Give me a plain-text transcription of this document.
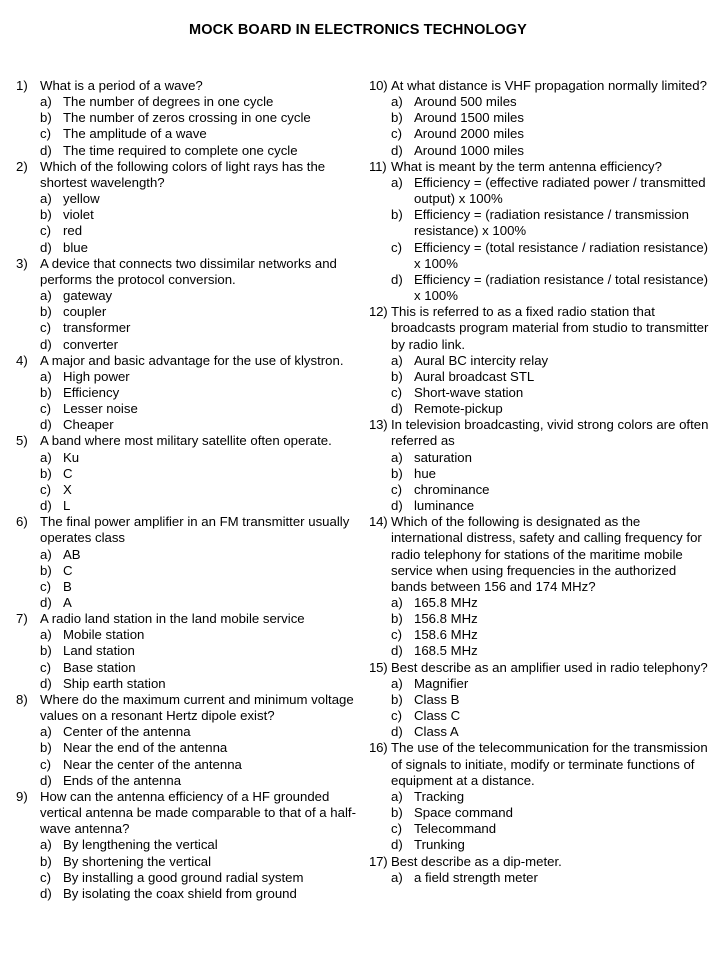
MOCK BOARD IN ELECTRONICS TECHNOLOGY
1) What is a period of a wave?
a) The number of degrees in one cycle
b) The number of zeros crossing in one cycle
c) The amplitude of a wave
d) The time required to complete one cycle
2) Which of the following colors of light rays has the shortest wavelength?
a) yellow
b) violet
c) red
d) blue
3) A device that connects two dissimilar networks and performs the protocol conversion.
a) gateway
b) coupler
c) transformer
d) converter
4) A major and basic advantage for the use of klystron.
a) High power
b) Efficiency
c) Lesser noise
d) Cheaper
5) A band where most military satellite often operate.
a) Ku
b) C
c) X
d) L
6) The final power amplifier in an FM transmitter usually operates class
a) AB
b) C
c) B
d) A
7) A radio land station in the land mobile service
a) Mobile station
b) Land station
c) Base station
d) Ship earth station
8) Where do the maximum current and minimum voltage values on a resonant Hertz dipole exist?
a) Center of the antenna
b) Near the end of the antenna
c) Near the center of the antenna
d) Ends of the antenna
9) How can the antenna efficiency of a HF grounded vertical antenna be made comparable to that of a half-wave antenna?
a) By lengthening the vertical
b) By shortening the vertical
c) By installing a good ground radial system
d) By isolating the coax shield from ground
10) At what distance is VHF propagation normally limited?
a) Around 500 miles
b) Around 1500 miles
c) Around 2000 miles
d) Around 1000 miles
11) What is meant by the term antenna efficiency?
a) Efficiency = (effective radiated power / transmitted output) x 100%
b) Efficiency = (radiation resistance / transmission resistance) x 100%
c) Efficiency = (total resistance / radiation resistance) x 100%
d) Efficiency = (radiation resistance / total resistance) x 100%
12) This is referred to as a fixed radio station that broadcasts program material from studio to transmitter by radio link.
a) Aural BC intercity relay
b) Aural broadcast STL
c) Short-wave station
d) Remote-pickup
13) In television broadcasting, vivid strong colors are often referred as
a) saturation
b) hue
c) chrominance
d) luminance
14) Which of the following is designated as the international distress, safety and calling frequency for radio telephony for stations of the maritime mobile service when using frequencies in the authorized bands between 156 and 174 MHz?
a) 165.8 MHz
b) 156.8 MHz
c) 158.6 MHz
d) 168.5 MHz
15) Best describe as an amplifier used in radio telephony?
a) Magnifier
b) Class B
c) Class C
d) Class A
16) The use of the telecommunication for the transmission of signals to initiate, modify or terminate functions of equipment at a distance.
a) Tracking
b) Space command
c) Telecommand
d) Trunking
17) Best describe as a dip-meter.
a) a field strength meter
